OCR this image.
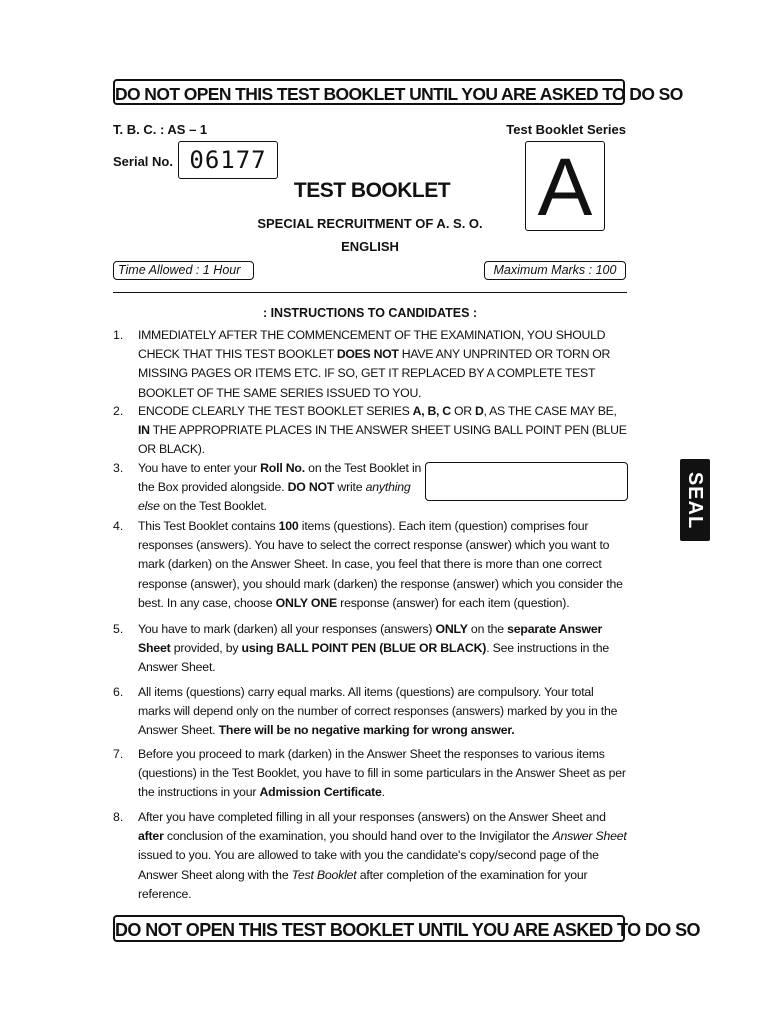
DO NOT OPEN THIS TEST BOOKLET UNTIL YOU ARE ASKED TO DO SO
T. B. C. : AS – 1	Test Booklet Series
Serial No. 06177	A
TEST BOOKLET
SPECIAL RECRUITMENT OF A. S. O.
ENGLISH
Time Allowed : 1 Hour	Maximum Marks : 100
: INSTRUCTIONS TO CANDIDATES :
1.	IMMEDIATELY AFTER THE COMMENCEMENT OF THE EXAMINATION, YOU SHOULD CHECK THAT THIS TEST BOOKLET DOES NOT HAVE ANY UNPRINTED OR TORN OR MISSING PAGES OR ITEMS ETC. IF SO, GET IT REPLACED BY A COMPLETE TEST BOOKLET OF THE SAME SERIES ISSUED TO YOU.
2.	ENCODE CLEARLY THE TEST BOOKLET SERIES A, B, C OR D, AS THE CASE MAY BE, IN THE APPROPRIATE PLACES IN THE ANSWER SHEET USING BALL POINT PEN (BLUE OR BLACK).
3.	You have to enter your Roll No. on the Test Booklet in the Box provided alongside. DO NOT write anything else on the Test Booklet.
4.	This Test Booklet contains 100 items (questions). Each item (question) comprises four responses (answers). You have to select the correct response (answer) which you want to mark (darken) on the Answer Sheet. In case, you feel that there is more than one correct response (answer), you should mark (darken) the response (answer) which you consider the best. In any case, choose ONLY ONE response (answer) for each item (question).
5.	You have to mark (darken) all your responses (answers) ONLY on the separate Answer Sheet provided, by using BALL POINT PEN (BLUE OR BLACK). See instructions in the Answer Sheet.
6.	All items (questions) carry equal marks. All items (questions) are compulsory. Your total marks will depend only on the number of correct responses (answers) marked by you in the Answer Sheet. There will be no negative marking for wrong answer.
7.	Before you proceed to mark (darken) in the Answer Sheet the responses to various items (questions) in the Test Booklet, you have to fill in some particulars in the Answer Sheet as per the instructions in your Admission Certificate.
8.	After you have completed filling in all your responses (answers) on the Answer Sheet and after conclusion of the examination, you should hand over to the Invigilator the Answer Sheet issued to you. You are allowed to take with you the candidate's copy/second page of the Answer Sheet along with the Test Booklet after completion of the examination for your reference.
DO NOT OPEN THIS TEST BOOKLET UNTIL YOU ARE ASKED TO DO SO
SEAL
